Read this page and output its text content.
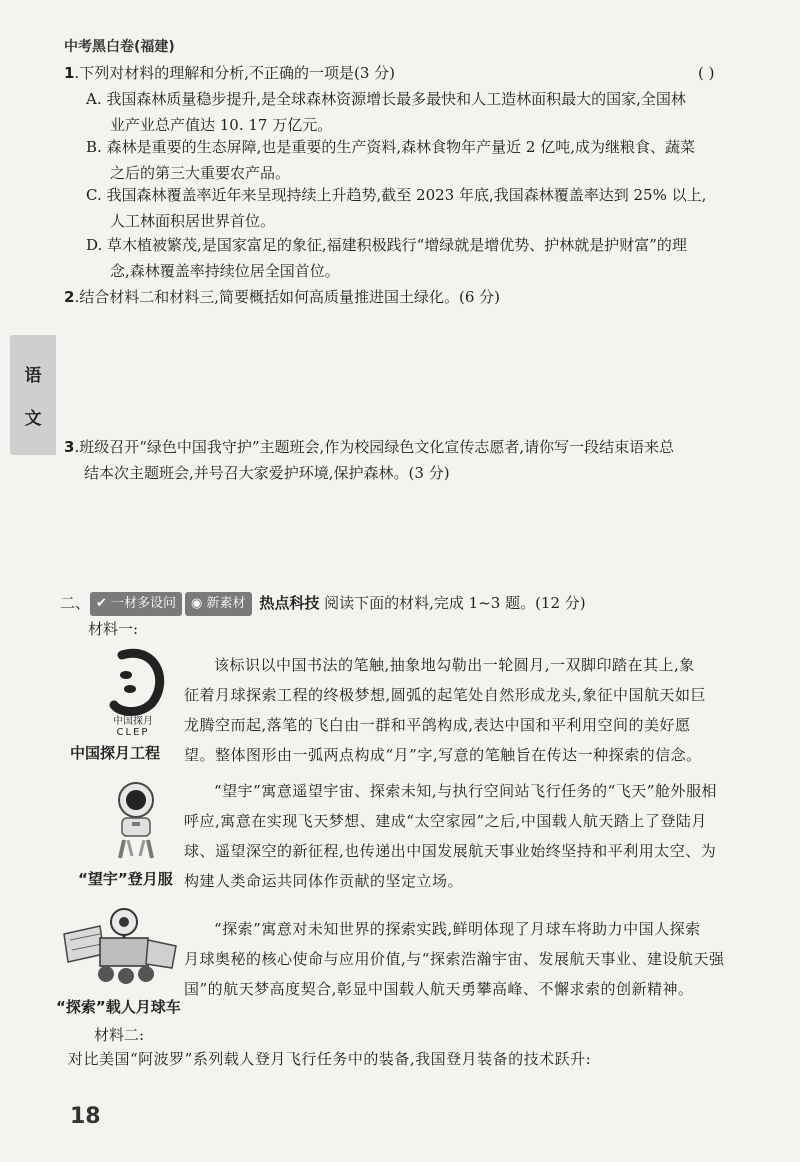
中考黑白卷(福建)
1.下列对材料的理解和分析,不正确的一项是(3 分)	( )
A. 我国森林质量稳步提升,是全球森林资源增长最多最快和人工造林面积最大的国家,全国林
业产业总产值达 10. 17 万亿元。
B. 森林是重要的生态屏障,也是重要的生产资料,森林食物年产量近 2 亿吨,成为继粮食、蔬菜
之后的第三大重要农产品。
C. 我国森林覆盖率近年来呈现持续上升趋势,截至 2023 年底,我国森林覆盖率达到 25% 以上,
人工林面积居世界首位。
D. 草木植被繁茂,是国家富足的象征,福建积极践行“增绿就是增优势、护林就是护财富”的理
念,森林覆盖率持续位居全国首位。
2.结合材料二和材料三,简要概括如何高质量推进国土绿化。(6 分)
语
文
3.班级召开“绿色中国我守护”主题班会,作为校园绿色文化宣传志愿者,请你写一段结束语来总
结本次主题班会,并号召大家爱护环境,保护森林。(3 分)
二、 ✔ 一材多设问 ◉ 新素材 热点科技 阅读下面的材料,完成 1~3 题。(12 分)
材料一:
中国探月
CLEP
中国探月工程
该标识以中国书法的笔触,抽象地勾勒出一轮圆月,一双脚印踏在其上,象
征着月球探索工程的终极梦想,圆弧的起笔处自然形成龙头,象征中国航天如巨
龙腾空而起,落笔的飞白由一群和平鸽构成,表达中国和平利用空间的美好愿
望。整体图形由一弧两点构成“月”字,写意的笔触旨在传达一种探索的信念。
“望宇”登月服
“望宇”寓意遥望宇宙、探索未知,与执行空间站飞行任务的“飞天”舱外服相
呼应,寓意在实现飞天梦想、建成“太空家园”之后,中国载人航天踏上了登陆月
球、遥望深空的新征程,也传递出中国发展航天事业始终坚持和平利用太空、为
构建人类命运共同体作贡献的坚定立场。
“探索”载人月球车
“探索”寓意对未知世界的探索实践,鲜明体现了月球车将助力中国人探索
月球奥秘的核心使命与应用价值,与“探索浩瀚宇宙、发展航天事业、建设航天强
国”的航天梦高度契合,彰显中国载人航天勇攀高峰、不懈求索的创新精神。
材料二:
对比美国“阿波罗”系列载人登月飞行任务中的装备,我国登月装备的技术跃升:
18
